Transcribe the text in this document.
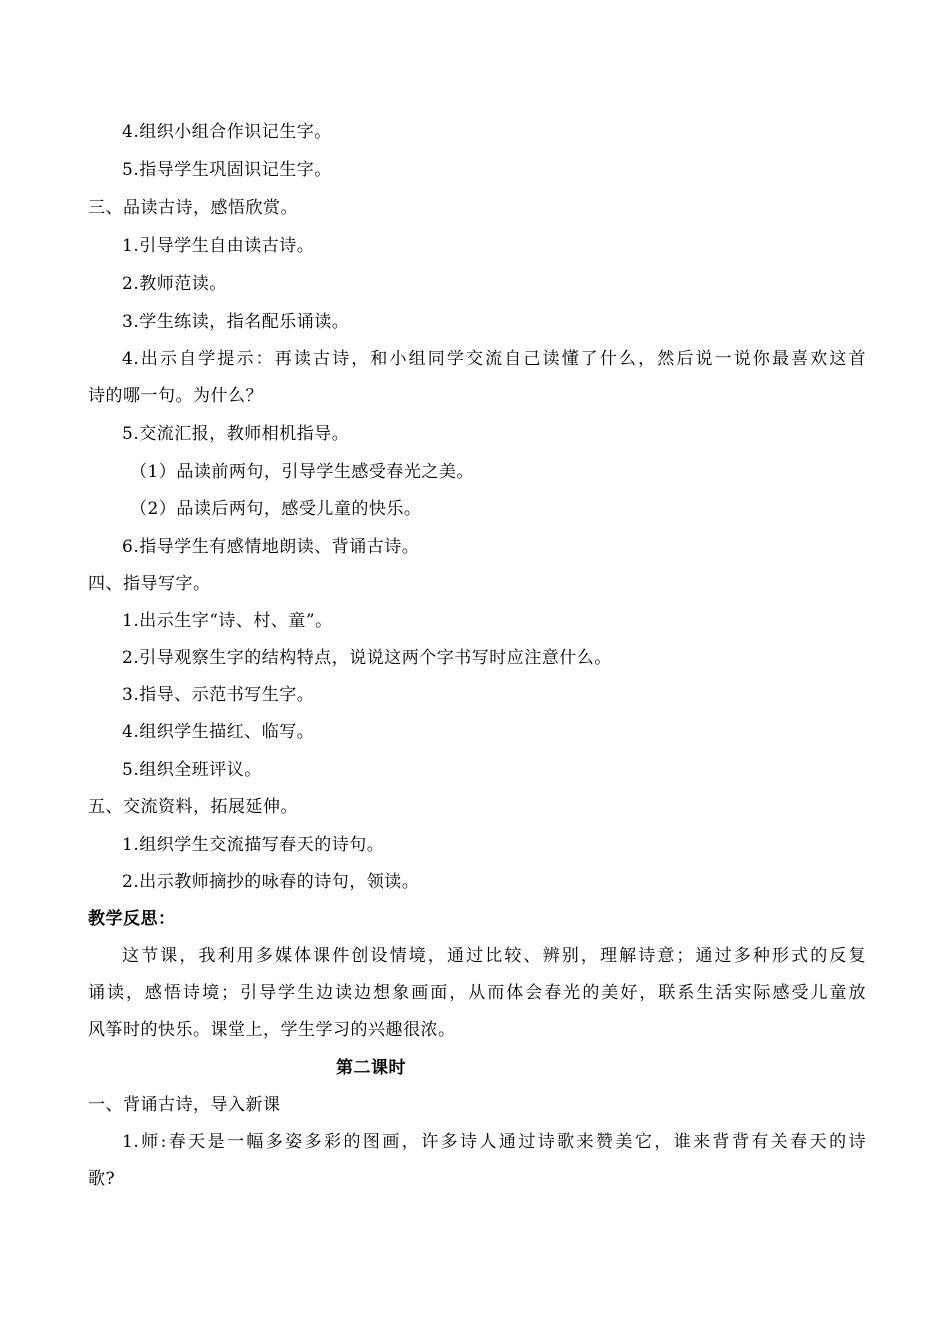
4.组织小组合作识记生字。
5.指导学生巩固识记生字。
三、品读古诗，感悟欣赏。
1.引导学生自由读古诗。
2.教师范读。
3.学生练读，指名配乐诵读。
4.出示自学提示：再读古诗，和小组同学交流自己读懂了什么，然后说一说你最喜欢这首
诗的哪一句。为什么？
5.交流汇报，教师相机指导。
（1）品读前两句，引导学生感受春光之美。
（2）品读后两句，感受儿童的快乐。
6.指导学生有感情地朗读、背诵古诗。
四、指导写字。
1.出示生字“诗、村、童”。
2.引导观察生字的结构特点，说说这两个字书写时应注意什么。
3.指导、示范书写生字。
4.组织学生描红、临写。
5.组织全班评议。
五、交流资料，拓展延伸。
1.组织学生交流描写春天的诗句。
2.出示教师摘抄的咏春的诗句，领读。
教学反思：
这节课，我利用多媒体课件创设情境，通过比较、辨别，理解诗意；通过多种形式的反复
诵读，感悟诗境；引导学生边读边想象画面，从而体会春光的美好，联系生活实际感受儿童放
风筝时的快乐。课堂上，学生学习的兴趣很浓。
第二课时
一、背诵古诗，导入新课
1.师:春天是一幅多姿多彩的图画，许多诗人通过诗歌来赞美它，谁来背背有关春天的诗
歌?
